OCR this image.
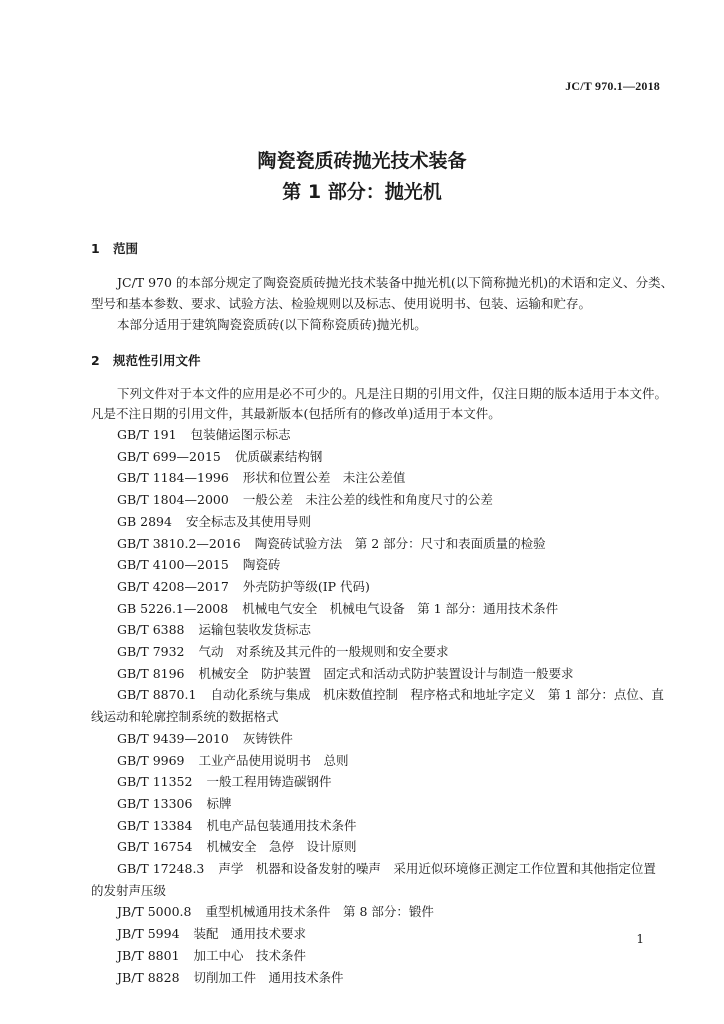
JC/T 970.1—2018
陶瓷瓷质砖抛光技术装备
第 1 部分：抛光机
1 范围
JC/T 970 的本部分规定了陶瓷瓷质砖抛光技术装备中抛光机(以下简称抛光机)的术语和定义、分类、
型号和基本参数、要求、试验方法、检验规则以及标志、使用说明书、包装、运输和贮存。
本部分适用于建筑陶瓷瓷质砖(以下简称瓷质砖)抛光机。
2 规范性引用文件
下列文件对于本文件的应用是必不可少的。凡是注日期的引用文件，仅注日期的版本适用于本文件。
凡是不注日期的引用文件，其最新版本(包括所有的修改单)适用于本文件。
GB/T 191 包装储运图示标志
GB/T 699—2015 优质碳素结构钢
GB/T 1184—1996 形状和位置公差　未注公差值
GB/T 1804—2000 一般公差　未注公差的线性和角度尺寸的公差
GB 2894 安全标志及其使用导则
GB/T 3810.2—2016 陶瓷砖试验方法　第 2 部分：尺寸和表面质量的检验
GB/T 4100—2015 陶瓷砖
GB/T 4208—2017 外壳防护等级(IP 代码)
GB 5226.1—2008 机械电气安全　机械电气设备　第 1 部分：通用技术条件
GB/T 6388 运输包装收发货标志
GB/T 7932 气动　对系统及其元件的一般规则和安全要求
GB/T 8196 机械安全　防护装置　固定式和活动式防护装置设计与制造一般要求
GB/T 8870.1 自动化系统与集成　机床数值控制　程序格式和地址字定义　第 1 部分：点位、直
线运动和轮廓控制系统的数据格式
GB/T 9439—2010 灰铸铁件
GB/T 9969 工业产品使用说明书　总则
GB/T 11352 一般工程用铸造碳钢件
GB/T 13306 标牌
GB/T 13384 机电产品包装通用技术条件
GB/T 16754 机械安全　急停　设计原则
GB/T 17248.3 声学　机器和设备发射的噪声　采用近似环境修正测定工作位置和其他指定位置
的发射声压级
JB/T 5000.8 重型机械通用技术条件　第 8 部分：锻件
JB/T 5994 装配　通用技术要求
JB/T 8801 加工中心　技术条件
JB/T 8828 切削加工件　通用技术条件
1
